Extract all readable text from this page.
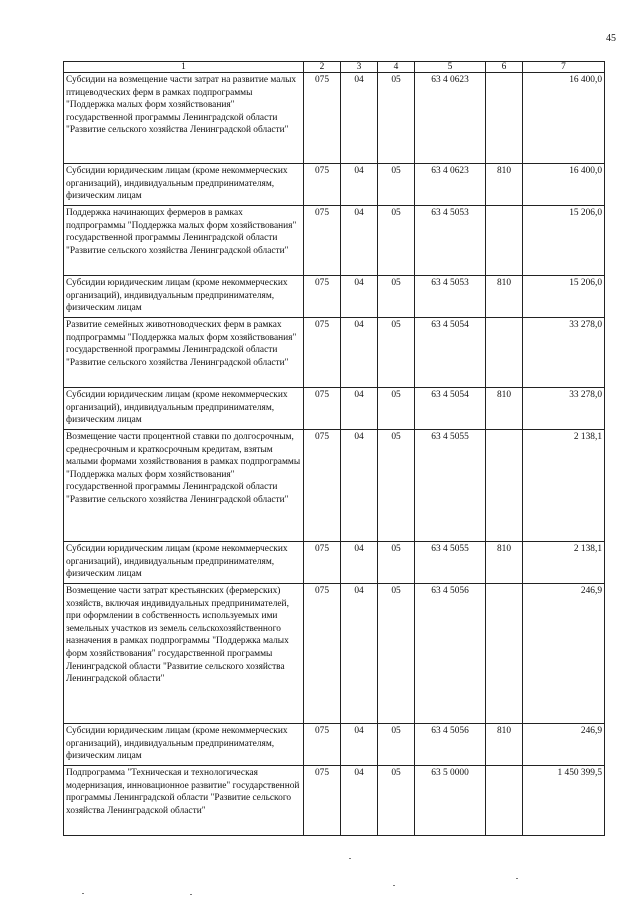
45
1	2	3	4	5	6	7
Субсидии на возмещение части затрат на развитие малых птицеводческих ферм в рамках подпрограммы "Поддержка малых форм хозяйствования" государственной программы Ленинградской области "Развитие сельского хозяйства Ленинградской области"	075	04	05	63 4 0623		16 400,0
Субсидии юридическим лицам (кроме некоммерческих организаций), индивидуальным предпринимателям, физическим лицам	075	04	05	63 4 0623	810	16 400,0
Поддержка начинающих фермеров в рамках подпрограммы "Поддержка малых форм хозяйствования" государственной программы Ленинградской области "Развитие сельского хозяйства Ленинградской области"	075	04	05	63 4 5053		15 206,0
Субсидии юридическим лицам (кроме некоммерческих организаций), индивидуальным предпринимателям, физическим лицам	075	04	05	63 4 5053	810	15 206,0
Развитие семейных животноводческих ферм в рамках подпрограммы "Поддержка малых форм хозяйствования" государственной программы Ленинградской области "Развитие сельского хозяйства Ленинградской области"	075	04	05	63 4 5054		33 278,0
Субсидии юридическим лицам (кроме некоммерческих организаций), индивидуальным предпринимателям, физическим лицам	075	04	05	63 4 5054	810	33 278,0
Возмещение части процентной ставки по долгосрочным, среднесрочным и краткосрочным кредитам, взятым малыми формами хозяйствования в рамках подпрограммы "Поддержка малых форм хозяйствования" государственной программы Ленинградской области "Развитие сельского хозяйства Ленинградской области"	075	04	05	63 4 5055		2 138,1
Субсидии юридическим лицам (кроме некоммерческих организаций), индивидуальным предпринимателям, физическим лицам	075	04	05	63 4 5055	810	2 138,1
Возмещение части затрат крестьянских (фермерских) хозяйств, включая индивидуальных предпринимателей, при оформлении в собственность используемых ими земельных участков из земель сельскохозяйственного назначения в рамках подпрограммы "Поддержка малых форм хозяйствования" государственной программы Ленинградской области "Развитие сельского хозяйства Ленинградской области"	075	04	05	63 4 5056		246,9
Субсидии юридическим лицам (кроме некоммерческих организаций), индивидуальным предпринимателям, физическим лицам	075	04	05	63 4 5056	810	246,9
Подпрограмма "Техническая и технологическая модернизация, инновационное развитие" государственной программы Ленинградской области "Развитие сельского хозяйства Ленинградской области"	075	04	05	63 5 0000		1 450 399,5
